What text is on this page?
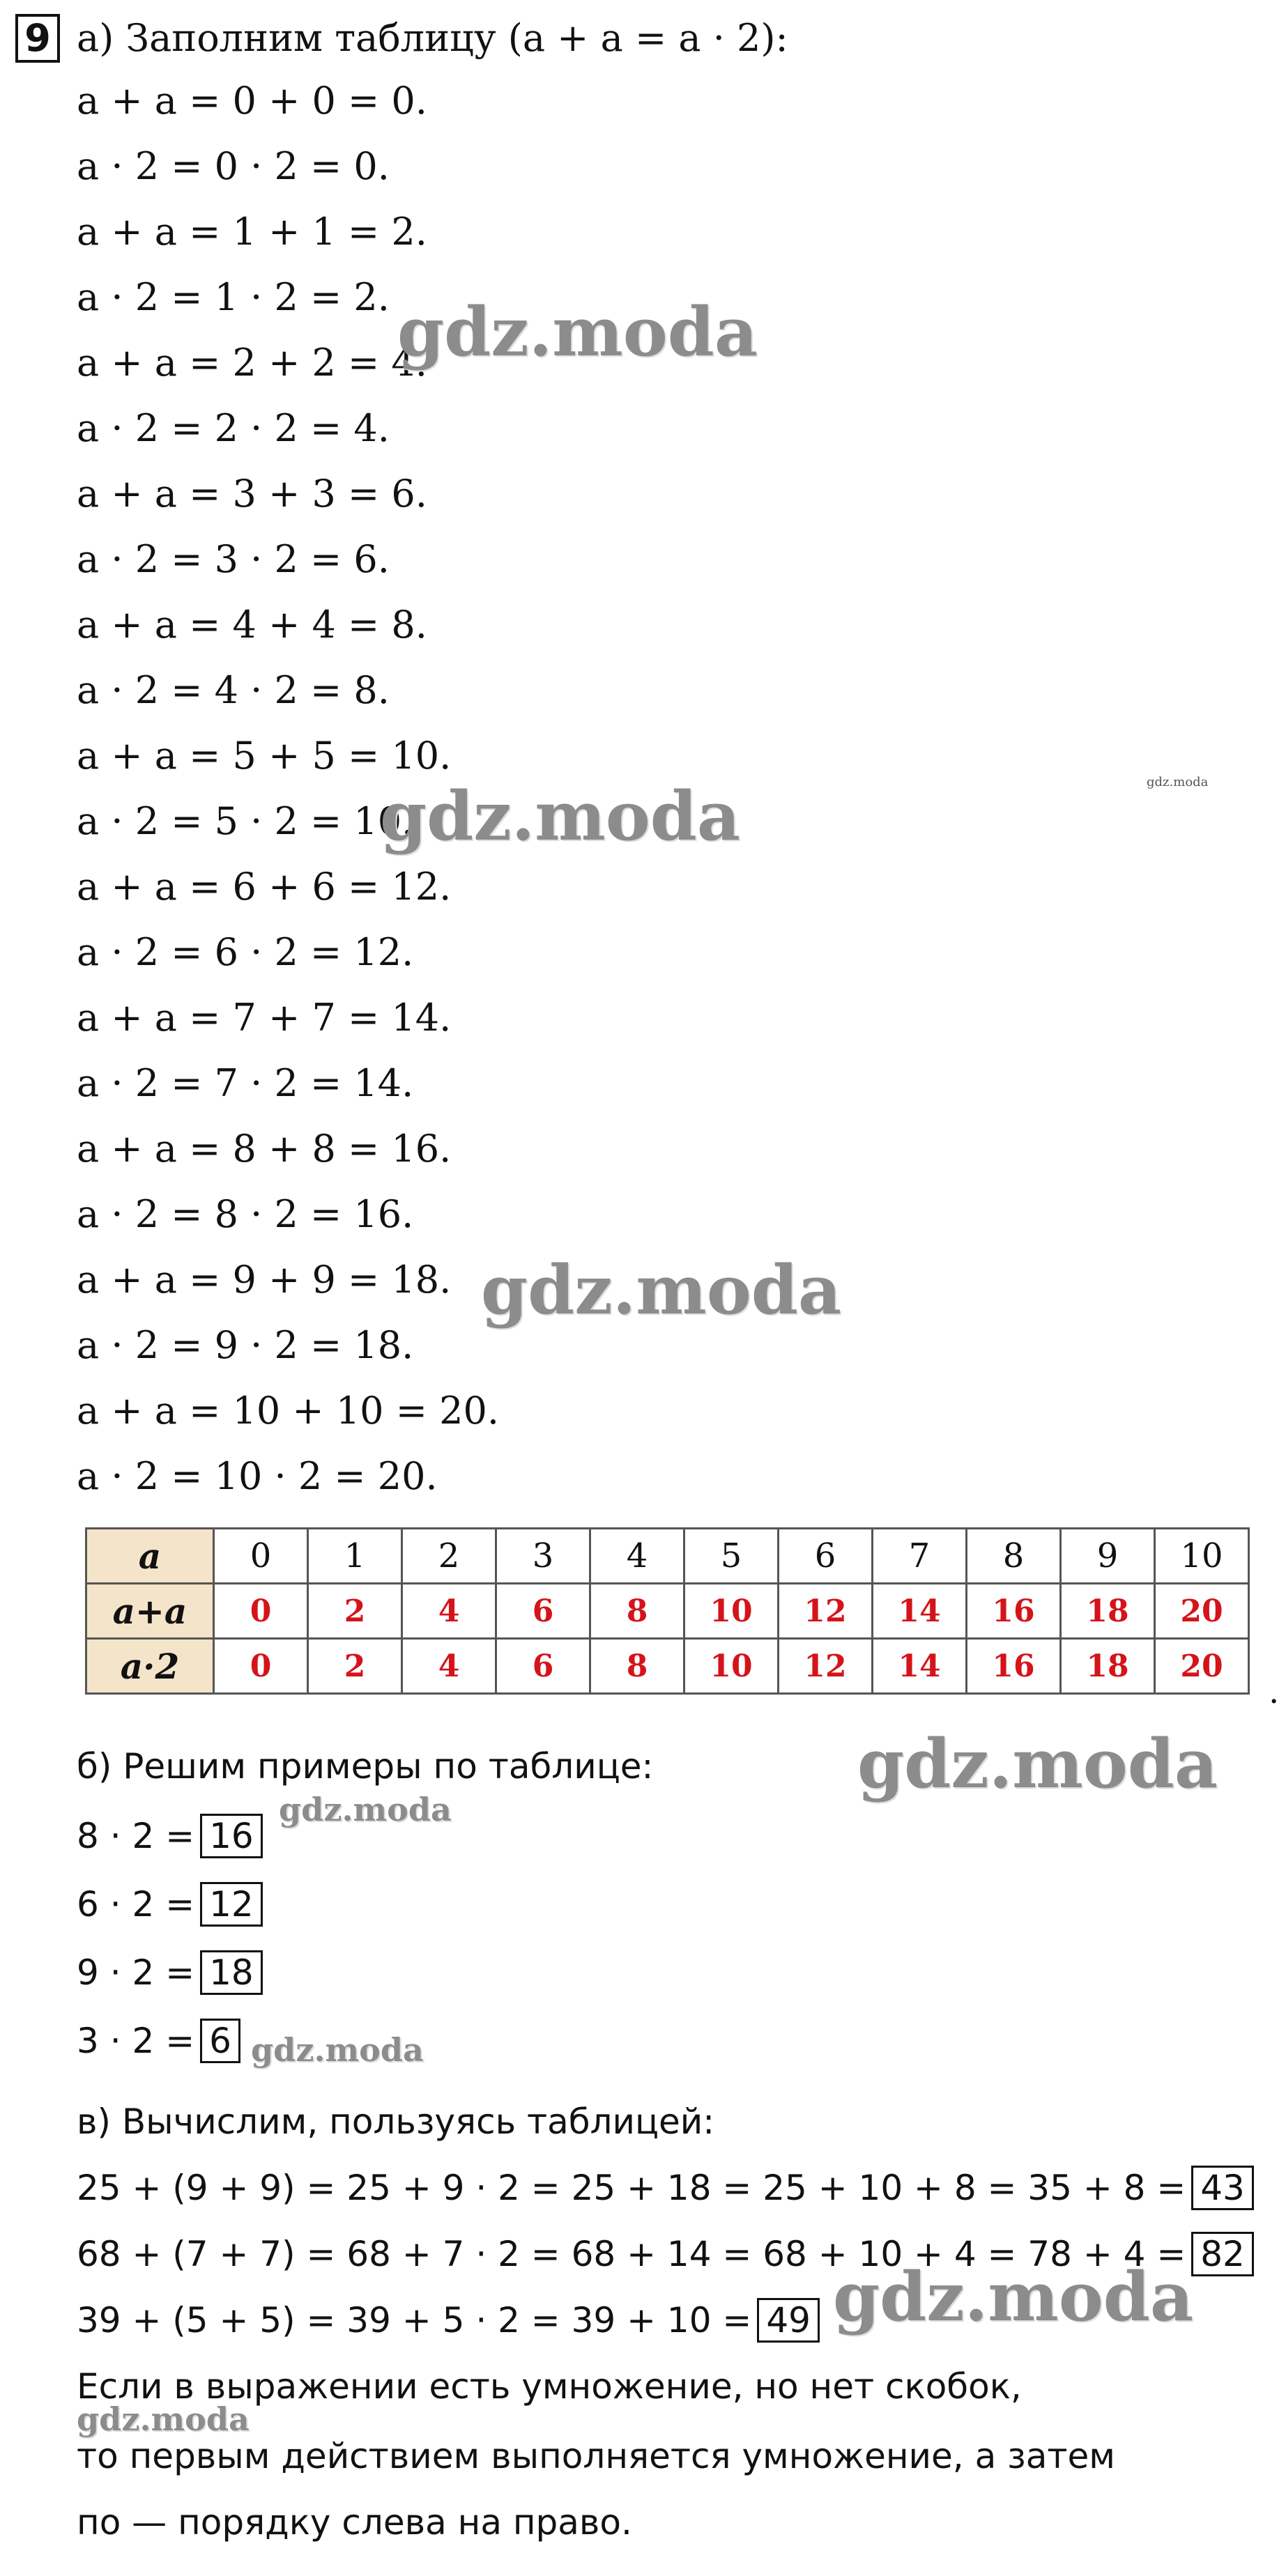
9 а) Заполним таблицу (a + a = a · 2):
a + a = 0 + 0 = 0.
a · 2 = 0 · 2 = 0.
a + a = 1 + 1 = 2.
a · 2 = 1 · 2 = 2.
a + a = 2 + 2 = 4.
a · 2 = 2 · 2 = 4.
a + a = 3 + 3 = 6.
a · 2 = 3 · 2 = 6.
a + a = 4 + 4 = 8.
a · 2 = 4 · 2 = 8.
a + a = 5 + 5 = 10.
a · 2 = 5 · 2 = 10.
a + a = 6 + 6 = 12.
a · 2 = 6 · 2 = 12.
a + a = 7 + 7 = 14.
a · 2 = 7 · 2 = 14.
a + a = 8 + 8 = 16.
a · 2 = 8 · 2 = 16.
a + a = 9 + 9 = 18.
a · 2 = 9 · 2 = 18.
a + a = 10 + 10 = 20.
a · 2 = 10 · 2 = 20.
a	0	1	2	3	4	5	6	7	8	9	10
a+a	0	2	4	6	8	10	12	14	16	18	20
a·2	0	2	4	6	8	10	12	14	16	18	20
.
б) Решим примеры по таблице:
8 · 2 = 16
6 · 2 = 12
9 · 2 = 18
3 · 2 = 6
в) Вычислим, пользуясь таблицей:
25 + (9 + 9) = 25 + 9 · 2 = 25 + 18 = 25 + 10 + 8 = 35 + 8 = 43
68 + (7 + 7) = 68 + 7 · 2 = 68 + 14 = 68 + 10 + 4 = 78 + 4 = 82
39 + (5 + 5) = 39 + 5 · 2 = 39 + 10 = 49
Если в выражении есть умножение, но нет скобок,
то первым действием выполняется умножение, а затем
по — порядку слева на право.
gdz.moda
gdz.moda
gdz.moda
gdz.moda
gdz.moda
gdz.moda
gdz.moda
gdz.moda
gdz.moda
